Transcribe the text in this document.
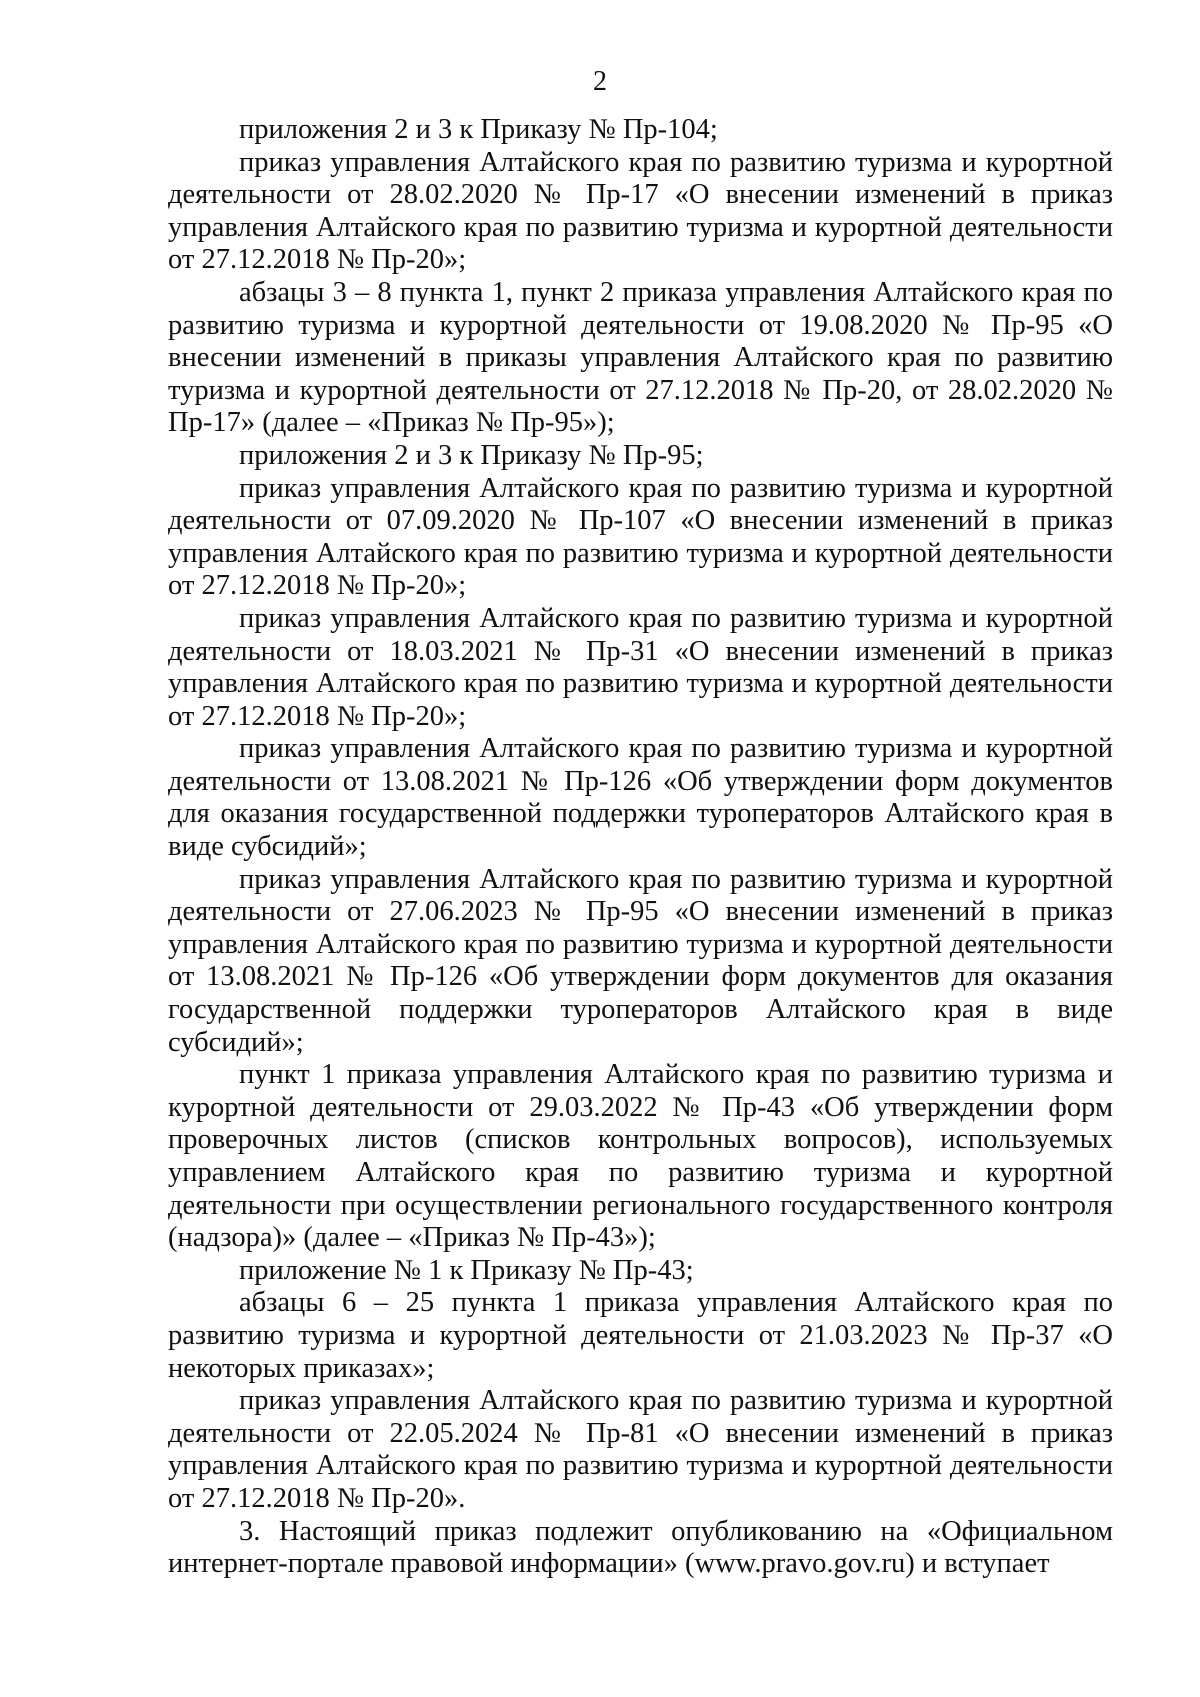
2

приложения 2 и 3 к Приказу № Пр-104;

приказ управления Алтайского края по развитию туризма и курортной деятельности от 28.02.2020 № Пр-17 «О внесении изменений в приказ управления Алтайского края по развитию туризма и курортной деятельности от 27.12.2018 № Пр-20»;

абзацы 3 – 8 пункта 1, пункт 2 приказа управления Алтайского края по развитию туризма и курортной деятельности от 19.08.2020 № Пр-95 «О внесении изменений в приказы управления Алтайского края по развитию туризма и курортной деятельности от 27.12.2018 № Пр-20, от 28.02.2020 № Пр-17» (далее – «Приказ № Пр-95»);

приложения 2 и 3 к Приказу № Пр-95;

приказ управления Алтайского края по развитию туризма и курортной деятельности от 07.09.2020 № Пр-107 «О внесении изменений в приказ управления Алтайского края по развитию туризма и курортной деятельности от 27.12.2018 № Пр-20»;

приказ управления Алтайского края по развитию туризма и курортной деятельности от 18.03.2021 № Пр-31 «О внесении изменений в приказ управления Алтайского края по развитию туризма и курортной деятельности от 27.12.2018 № Пр-20»;

приказ управления Алтайского края по развитию туризма и курортной деятельности от 13.08.2021 № Пр-126 «Об утверждении форм документов для оказания государственной поддержки туроператоров Алтайского края в виде субсидий»;

приказ управления Алтайского края по развитию туризма и курортной деятельности от 27.06.2023 № Пр-95 «О внесении изменений в приказ управления Алтайского края по развитию туризма и курортной деятельности от 13.08.2021 № Пр-126 «Об утверждении форм документов для оказания государственной поддержки туроператоров Алтайского края в виде субсидий»;

пункт 1 приказа управления Алтайского края по развитию туризма и курортной деятельности от 29.03.2022 № Пр-43 «Об утверждении форм проверочных листов (списков контрольных вопросов), используемых управлением Алтайского края по развитию туризма и курортной деятельности при осуществлении регионального государственного контроля (надзора)» (далее – «Приказ № Пр-43»);

приложение № 1 к Приказу № Пр-43;

абзацы 6 – 25 пункта 1 приказа управления Алтайского края по развитию туризма и курортной деятельности от 21.03.2023 № Пр-37 «О некоторых приказах»;

приказ управления Алтайского края по развитию туризма и курортной деятельности от 22.05.2024 № Пр-81 «О внесении изменений в приказ управления Алтайского края по развитию туризма и курортной деятельности от 27.12.2018 № Пр-20».

3. Настоящий приказ подлежит опубликованию на «Официальном интернет-портале правовой информации» (www.pravo.gov.ru) и вступает
